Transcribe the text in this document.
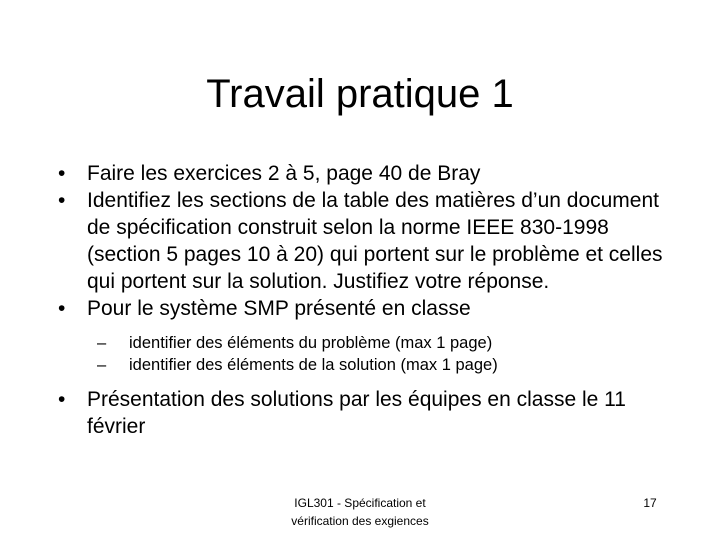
Travail pratique 1
•	Faire les exercices 2 à 5, page 40 de Bray
•	Identifiez les sections de la table des matières d’un document de spécification construit selon la norme IEEE 830-1998 (section 5 pages 10 à 20) qui portent sur le problème et celles qui portent sur la solution. Justifiez votre réponse.
•	Pour le système SMP présenté en classe
–	identifier des éléments du problème (max 1 page)
–	identifier des éléments de la solution (max 1 page)
•	Présentation des solutions par les équipes en classe le 11 février
IGL301 - Spécification et
vérification des exgiences
17
